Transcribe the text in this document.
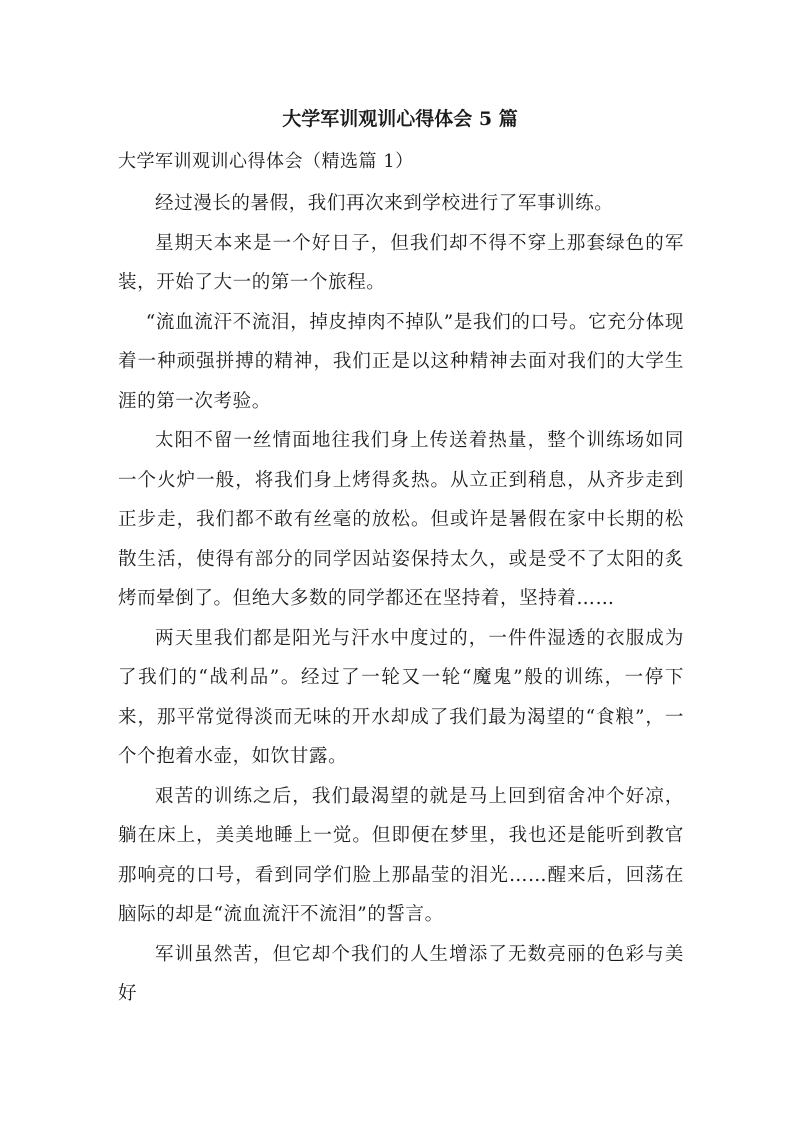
大学军训观训心得体会 5 篇

大学军训观训心得体会（精选篇 1）

经过漫长的暑假，我们再次来到学校进行了军事训练。

星期天本来是一个好日子，但我们却不得不穿上那套绿色的军装，开始了大一的第一个旅程。

“流血流汗不流泪，掉皮掉肉不掉队”是我们的口号。它充分体现着一种顽强拼搏的精神，我们正是以这种精神去面对我们的大学生涯的第一次考验。

太阳不留一丝情面地往我们身上传送着热量，整个训练场如同一个火炉一般，将我们身上烤得炙热。从立正到稍息，从齐步走到正步走，我们都不敢有丝毫的放松。但或许是暑假在家中长期的松散生活，使得有部分的同学因站姿保持太久，或是受不了太阳的炙烤而晕倒了。但绝大多数的同学都还在坚持着，坚持着……

两天里我们都是阳光与汗水中度过的，一件件湿透的衣服成为了我们的“战利品”。经过了一轮又一轮“魔鬼”般的训练，一停下来，那平常觉得淡而无味的开水却成了我们最为渴望的“食粮”，一个个抱着水壶，如饮甘露。

艰苦的训练之后，我们最渴望的就是马上回到宿舍冲个好凉，躺在床上，美美地睡上一觉。但即便在梦里，我也还是能听到教官那响亮的口号，看到同学们脸上那晶莹的泪光……醒来后，回荡在脑际的却是“流血流汗不流泪”的誓言。

军训虽然苦，但它却个我们的人生增添了无数亮丽的色彩与美好
